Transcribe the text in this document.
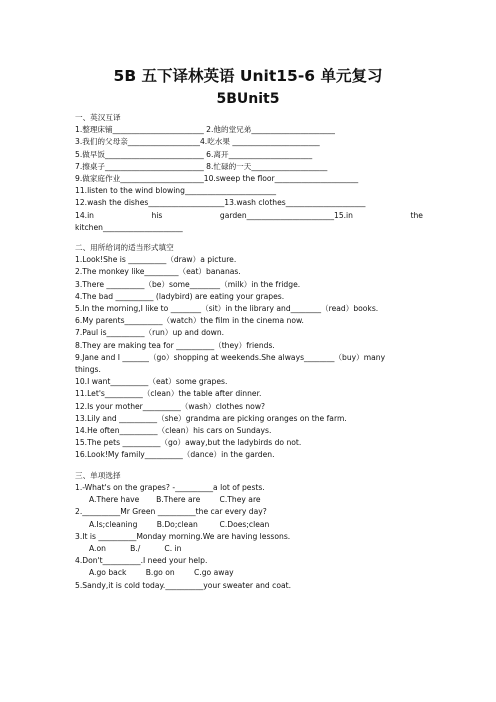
5B 五下译林英语 Unit15-6 单元复习
5BUnit5
一、英汉互译
1.整理床铺________________________ 2.他的堂兄弟______________________
3.我们的父母亲___________________4.吃水果 _______________________
5.做早饭__________________________ 6.离开______________________
7.擦桌子__________________________ 8.忙碌的一天____________________
9.做家庭作业______________________10.sweep the floor______________________
11.listen to the wind blowing________________________
12.wash the dishes____________________13.wash clothes_____________________
14.in	his	garden_______________________15.in	the
kitchen_____________________
二、用所给词的适当形式填空
1.Look!She is __________（draw）a picture.
2.The monkey like_________（eat）bananas.
3.There __________（be）some________（milk）in the fridge.
4.The bad __________ (ladybird) are eating your grapes.
5.In the morning,I like to ________（sit）in the library and________（read）books.
6.My parents__________（watch）the film in the cinema now.
7.Paul is__________（run）up and down.
8.They are making tea for __________（they）friends.
9.Jane and I _______（go）shopping at weekends.She always________（buy）many
things.
10.I want__________（eat）some grapes.
11.Let's__________（clean）the table after dinner.
12.Is your mother__________（wash）clothes now?
13.Lily and __________（she）grandma are picking oranges on the farm.
14.He often__________（clean）his cars on Sundays.
15.The pets __________（go）away,but the ladybirds do not.
16.Look!My family__________（dance）in the garden.
三、单项选择
1.-What's on the grapes? -__________a lot of pests.
A.There have       B.There are        C.They are
2.__________Mr Green __________the car every day?
A.Is;cleaning        B.Do;clean         C.Does;clean
3.It is __________Monday morning.We are having lessons.
A.on          B./          C. in
4.Don't__________.I need your help.
A.go back        B.go on        C.go away
5.Sandy,it is cold today.__________your sweater and coat.
